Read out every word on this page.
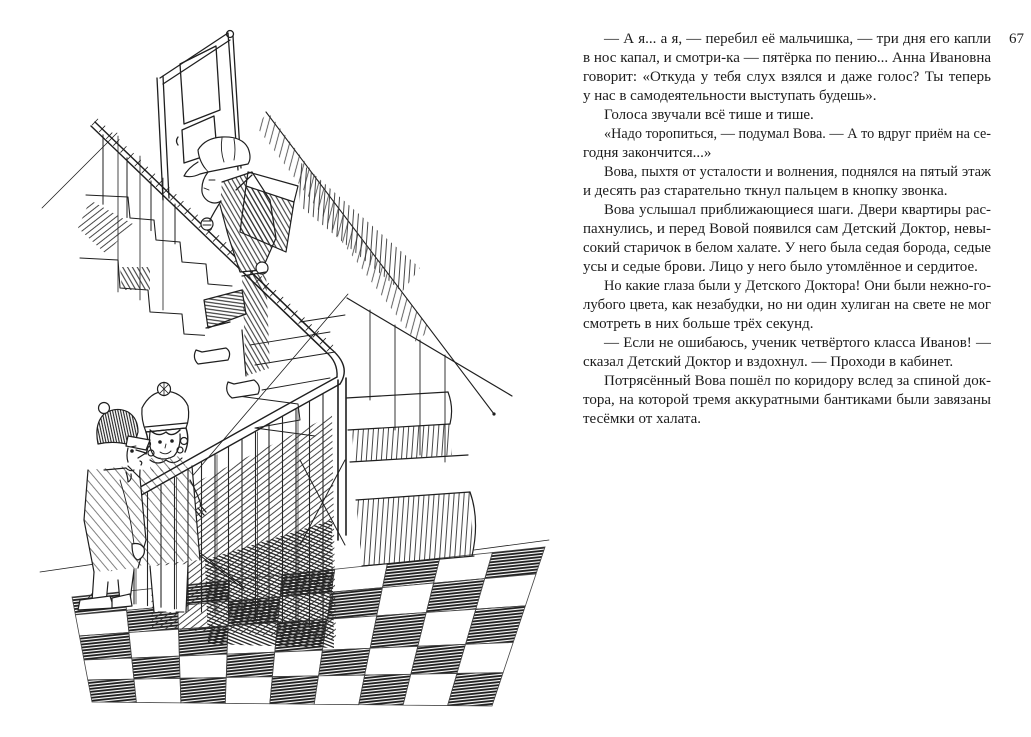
— А я... а я, — перебил её мальчишка, — три дня его капли
в нос капал, и смотри-ка — пятёрка по пению... Анна Ивановна
говорит: «Откуда у тебя слух взялся и даже голос? Ты теперь
у нас в самодеятельности выступать будешь».
Голоса звучали всё тише и тише.
«Надо торопиться, — подумал Вова. — А то вдруг приём на се-
годня закончится...»
Вова, пыхтя от усталости и волнения, поднялся на пятый этаж
и десять раз старательно ткнул пальцем в кнопку звонка.
Вова услышал приближающиеся шаги. Двери квартиры рас-
пахнулись, и перед Вовой появился сам Детский Доктор, невы-
сокий старичок в белом халате. У него была седая борода, седые
усы и седые брови. Лицо у него было утомлённое и сердитое.
Но какие глаза были у Детского Доктора! Они были нежно-го-
лубого цвета, как незабудки, но ни один хулиган на свете не мог
смотреть в них больше трёх секунд.
— Если не ошибаюсь, ученик четвёртого класса Иванов! —
сказал Детский Доктор и вздохнул. — Проходи в кабинет.
Потрясённый Вова пошёл по коридору вслед за спиной док-
тора, на которой тремя аккуратными бантиками были завязаны
тесёмки от халата.
67
